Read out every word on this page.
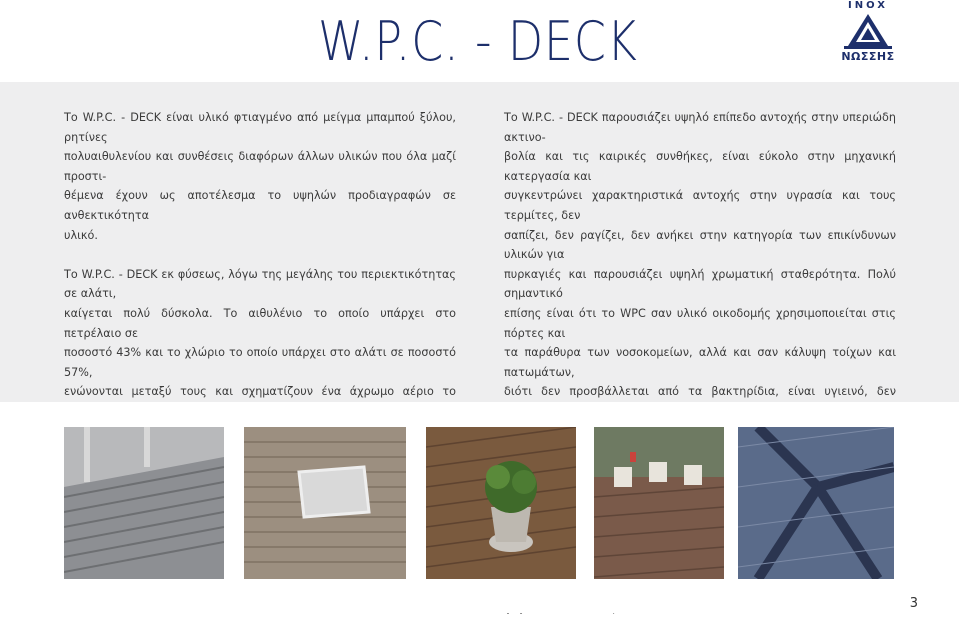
W.P.C. - DECK
INOX
ΝΩΣΣΗΣ

Το W.P.C. - DECK είναι υλικό φτιαγμένο από μείγμα μπαμπού ξύλου, ρητίνες
πολυαιθυλενίου και συνθέσεις διαφόρων άλλων υλικών που όλα μαζί προστι-
θέμενα έχουν ως αποτέλεσμα το υψηλών προδιαγραφών σε ανθεκτικότητα
υλικό.

Το W.P.C. - DECK εκ φύσεως, λόγω της μεγάλης του περιεκτικότητας σε αλάτι,
καίγεται πολύ δύσκολα. Το αιθυλένιο το οποίο υπάρχει στο πετρέλαιο σε
ποσοστό 43% και το χλώριο το οποίο υπάρχει στο αλάτι σε ποσοστό 57%,
ενώνονται μεταξύ τους και σχηματίζουν ένα άχρωμο αέριο το

Το W.P.C. - DECK παρουσιάζει υψηλό επίπεδο αντοχής στην υπεριώδη ακτινο-
βολία και τις καιρικές συνθήκες, είναι εύκολο στην μηχανική κατεργασία και
συγκεντρώνει χαρακτηριστικά αντοχής στην υγρασία και τους τερμίτες, δεν
σαπίζει, δεν ραγίζει, δεν ανήκει στην κατηγορία των επικίνδυνων υλικών για
πυρκαγιές και παρουσιάζει υψηλή χρωματική σταθερότητα. Πολύ σημαντικό
επίσης είναι ότι το WPC σαν υλικό οικοδομής χρησιμοποιείται στις πόρτες και
τα παράθυρα των νοσοκομείων, αλλά και σαν κάλυψη τοίχων και πατωμάτων,
διότι δεν προσβάλλεται από τα βακτηρίδια, είναι υγιεινό, δεν

3
